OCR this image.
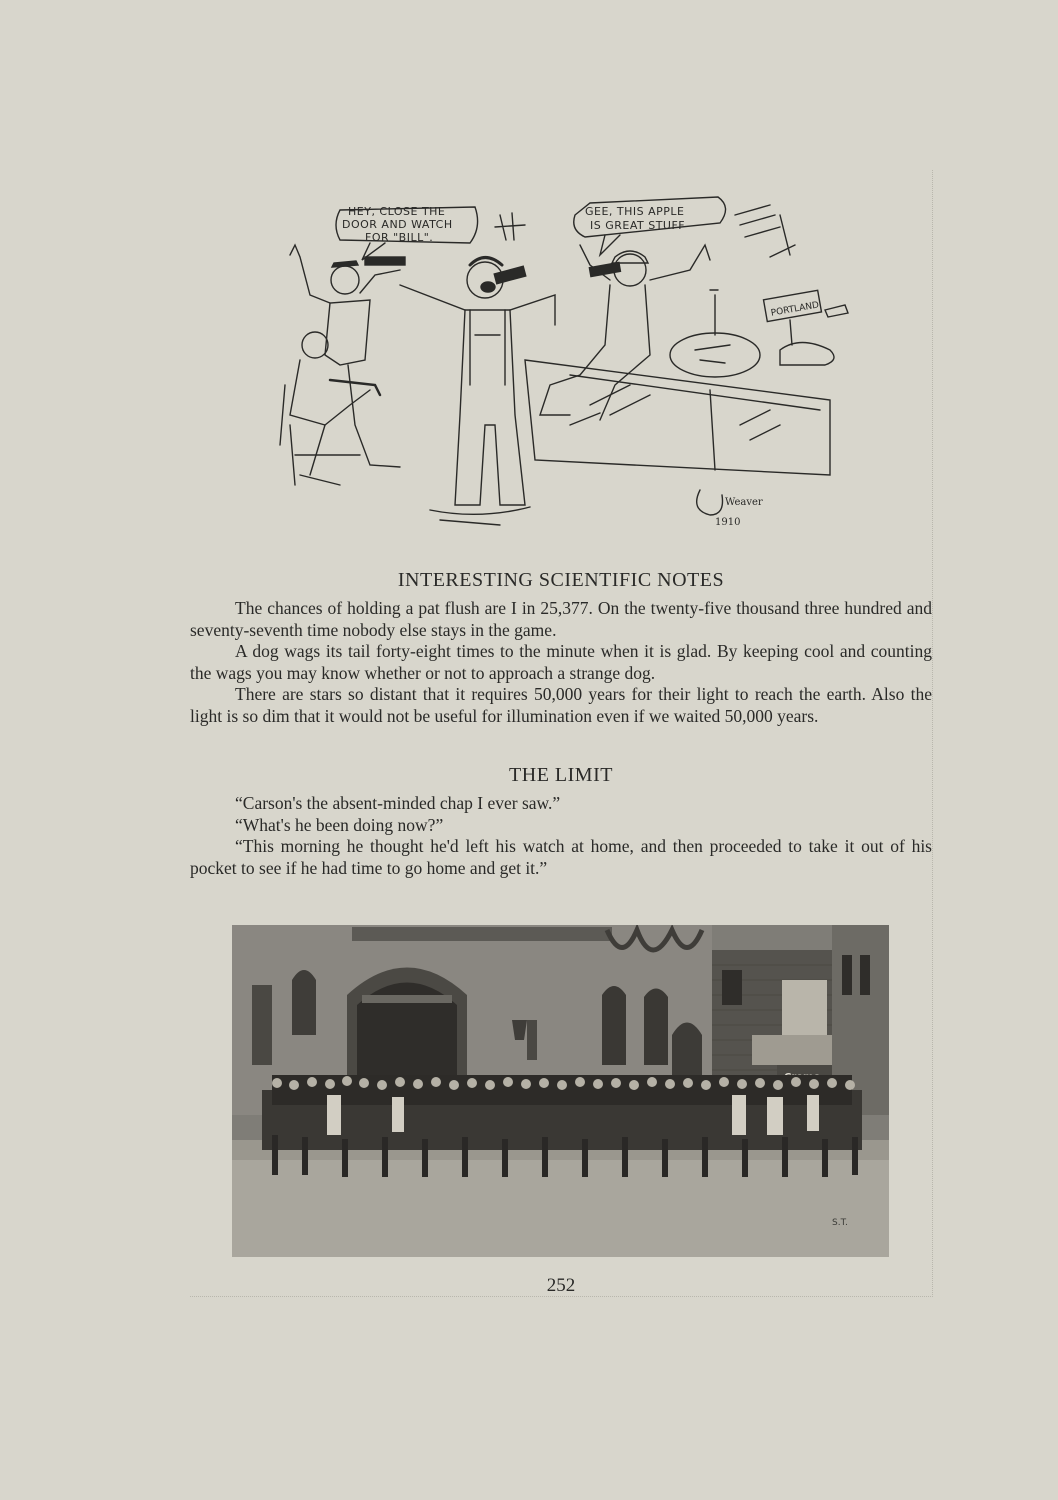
HEY, CLOSE THE
DOOR AND WATCH
FOR "BILL".
GEE, THIS APPLE
IS GREAT STUFF
PORTLAND
Weaver
1910
INTERESTING SCIENTIFIC NOTES

The chances of holding a pat flush are I in 25,377. On the twenty-five thousand three hundred and seventy-seventh time nobody else stays in the game.

A dog wags its tail forty-eight times to the minute when it is glad. By keeping cool and counting the wags you may know whether or not to approach a strange dog.

There are stars so distant that it requires 50,000 years for their light to reach the earth. Also the light is so dim that it would not be useful for illumination even if we waited 50,000 years.

THE LIMIT

“Carson's the absent-minded chap I ever saw.”

“What's he been doing now?”

“This morning he thought he'd left his watch at home, and then proceeded to take it out of his pocket to see if he had time to go home and get it.”

S.T.
252
